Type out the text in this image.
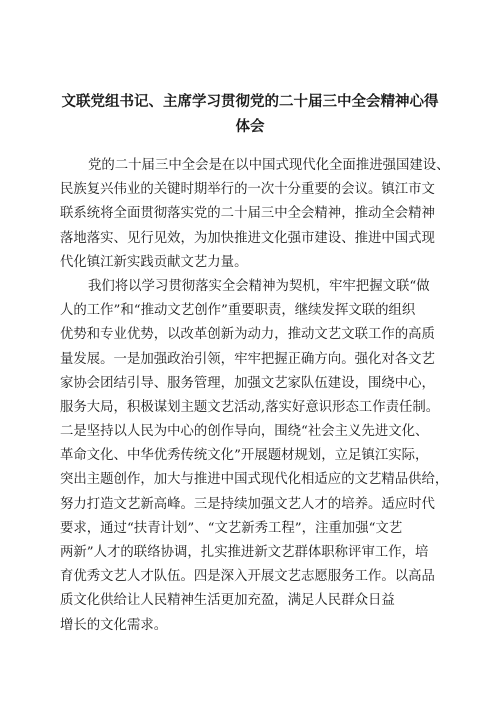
文联党组书记、主席学习贯彻党的二十届三中全会精神心得
体会
党的二十届三中全会是在以中国式现代化全面推进强国建设、
民族复兴伟业的关键时期举行的一次十分重要的会议。镇江市文
联系统将全面贯彻落实党的二十届三中全会精神，推动全会精神
落地落实、见行见效，为加快推进文化强市建设、推进中国式现
代化镇江新实践贡献文艺力量。
我们将以学习贯彻落实全会精神为契机，牢牢把握文联“做
人的工作”和“推动文艺创作”重要职责，继续发挥文联的组织
优势和专业优势，以改革创新为动力，推动文艺文联工作的高质
量发展。一是加强政治引领，牢牢把握正确方向。强化对各文艺
家协会团结引导、服务管理，加强文艺家队伍建设，围绕中心，
服务大局，积极谋划主题文艺活动,落实好意识形态工作责任制。
二是坚持以人民为中心的创作导向，围绕“社会主义先进文化、
革命文化、中华优秀传统文化”开展题材规划，立足镇江实际，
突出主题创作，加大与推进中国式现代化相适应的文艺精品供给，
努力打造文艺新高峰。三是持续加强文艺人才的培养。适应时代
要求，通过“扶青计划”、“文艺新秀工程”，注重加强“文艺
两新”人才的联络协调，扎实推进新文艺群体职称评审工作，培
育优秀文艺人才队伍。四是深入开展文艺志愿服务工作。以高品
质文化供给让人民精神生活更加充盈，满足人民群众日益
增长的文化需求。
